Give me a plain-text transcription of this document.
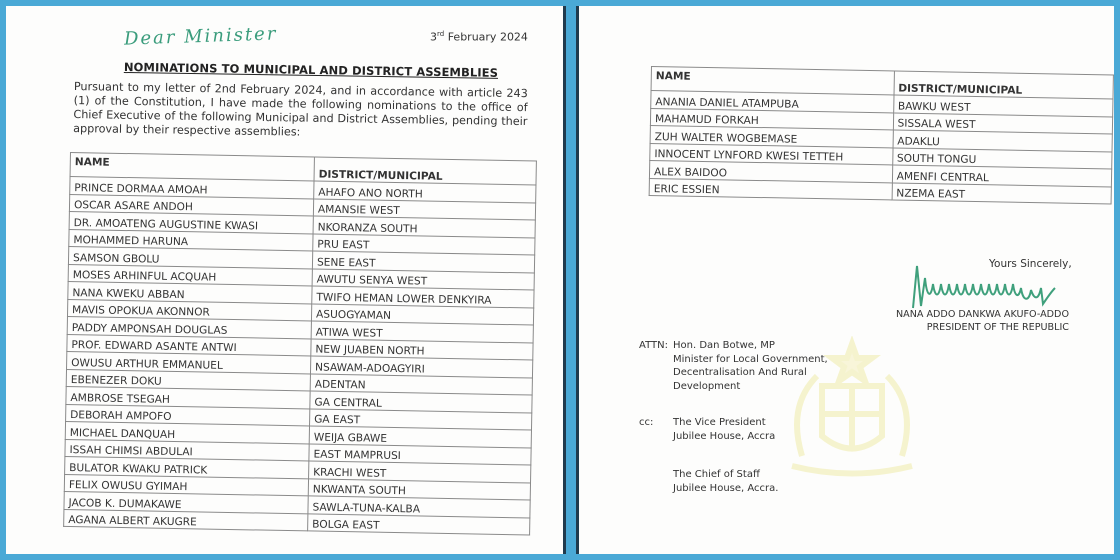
Dear Minister	3rd February 2024
NOMINATIONS TO MUNICIPAL AND DISTRICT ASSEMBLIES
Pursuant to my letter of 2nd February 2024, and in accordance with article 243 (1) of the Constitution, I have made the following nominations to the office of Chief Executive of the following Municipal and District Assemblies, pending their approval by their respective assemblies:
NAME	DISTRICT/MUNICIPAL
PRINCE DORMAA AMOAH	AHAFO ANO NORTH
OSCAR ASARE ANDOH	AMANSIE WEST
DR. AMOATENG AUGUSTINE KWASI	NKORANZA SOUTH
MOHAMMED HARUNA	PRU EAST
SAMSON GBOLU	SENE EAST
MOSES ARHINFUL ACQUAH	AWUTU SENYA WEST
NANA KWEKU ABBAN	TWIFO HEMAN LOWER DENKYIRA
MAVIS OPOKUA AKONNOR	ASUOGYAMAN
PADDY AMPONSAH DOUGLAS	ATIWA WEST
PROF. EDWARD ASANTE ANTWI	NEW JUABEN NORTH
OWUSU ARTHUR EMMANUEL	NSAWAM-ADOAGYIRI
EBENEZER DOKU	ADENTAN
AMBROSE TSEGAH	GA CENTRAL
DEBORAH AMPOFO	GA EAST
MICHAEL DANQUAH	WEIJA GBAWE
ISSAH CHIMSI ABDULAI	EAST MAMPRUSI
BULATOR KWAKU PATRICK	KRACHI WEST
FELIX OWUSU GYIMAH	NKWANTA SOUTH
JACOB K. DUMAKAWE	SAWLA-TUNA-KALBA
AGANA ALBERT AKUGRE	BOLGA EAST
NAME	DISTRICT/MUNICIPAL
ANANIA DANIEL ATAMPUBA	BAWKU WEST
MAHAMUD FORKAH	SISSALA WEST
ZUH WALTER WOGBEMASE	ADAKLU
INNOCENT LYNFORD KWESI TETTEH	SOUTH TONGU
ALEX BAIDOO	AMENFI CENTRAL
ERIC ESSIEN	NZEMA EAST
Yours Sincerely,
NANA ADDO DANKWA AKUFO-ADDO
PRESIDENT OF THE REPUBLIC
ATTN: Hon. Dan Botwe, MP
Minister for Local Government,
Decentralisation And Rural
Development
cc: The Vice President
Jubilee House, Accra
The Chief of Staff
Jubilee House, Accra.
